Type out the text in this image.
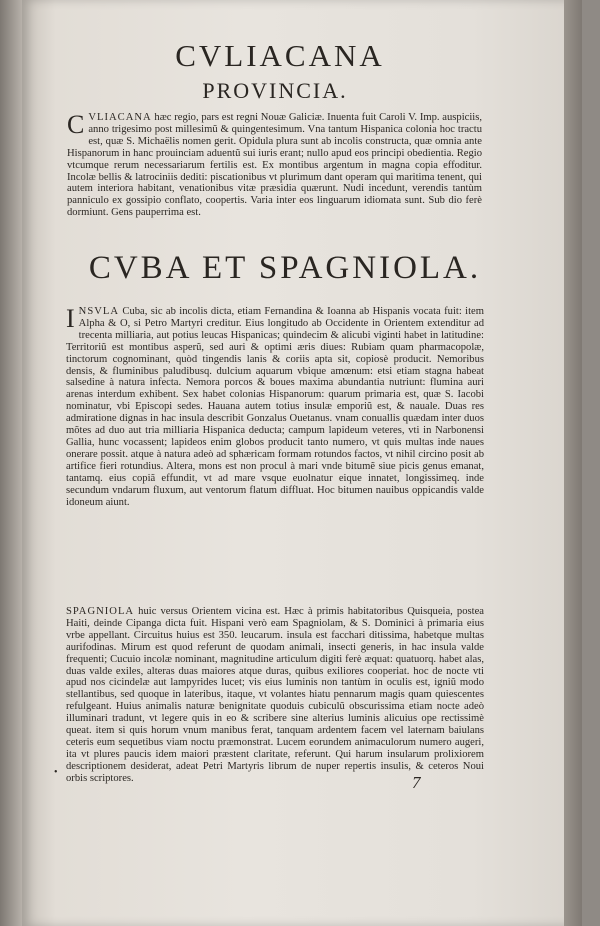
CVLIACANA
PROVINCIA.

CVLIACANA hæc regio, pars est regni Nouæ Galiciæ. Inuenta fuit Caroli V. Imp. auspiciis, anno trigesimo post millesimũ & quingentesimum. Vna tantum Hispanica colonia hoc tractu est, quæ S. Michaëlis nomen gerit. Opidula plura sunt ab incolis constructa, quæ omnia ante Hispanorum in hanc prouinciam aduentũ sui iuris erant; nullo apud eos principi obedientia. Regio vtcumque rerum necessariarum fertilis est. Ex montibus argentum in magna copia effoditur. Incolæ bellis & latrociniis dediti: piscationibus vt plurimum dant operam qui maritima tenent, qui autem interiora habitant, venationibus vitæ præsidia quærunt. Nudi incedunt, verendis tantùm panniculo ex gossipio conflato, coopertis. Varia inter eos linguarum idiomata sunt. Sub dio ferè dormiunt. Gens pauperrima est.

CVBA ET SPAGNIOLA.

INSVLA Cuba, sic ab incolis dicta, etiam Fernandina & Ioanna ab Hispanis vocata fuit: item Alpha & O, si Petro Martyri creditur. Eius longitudo ab Occidente in Orientem extenditur ad trecenta milliaria, aut potius leucas Hispanicas; quindecim & alicubi viginti habet in latitudine: Territoriũ est montibus asperũ, sed auri & optimi æris diues: Rubiam quam pharmacopolæ, tinctorum cognominant, quòd tingendis lanis & coriis apta sit, copiosè producit. Nemoribus densis, & fluminibus paludibusq. dulcium aquarum vbique amœnum: etsi etiam stagna habeat salsedine à natura infecta. Nemora porcos & boues maxima abundantia nutriunt: flumina auri arenas interdum exhibent. Sex habet colonias Hispanorum: quarum primaria est, quæ S. Iacobi nominatur, vbi Episcopi sedes. Hauana autem totius insulæ emporiũ est, & nauale. Duas res admiratione dignas in hac insula describit Gonzalus Ouetanus. vnam conuallis quædam inter duos mõtes ad duo aut tria milliaria Hispanica deducta; campum lapideum veteres, vti in Narbonensi Gallia, hunc vocassent; lapideos enim globos producit tanto numero, vt quis multas inde naues onerare possit. atque à natura adeò ad sphæricam formam rotundos factos, vt nihil circino posit ab artifice fieri rotundius. Altera, mons est non procul à mari vnde bitumẽ siue picis genus emanat, tantamq. eius copiã effundit, vt ad mare vsque euolnatur eique innatet, longissimeq. inde secundum vndarum fluxum, aut ventorum flatum diffluat. Hoc bitumen nauibus oppicandis valde idoneum aiunt.

SPAGNIOLA huic versus Orientem vicina est. Hæc à primis habitatoribus Quisqueia, postea Haiti, deinde Cipanga dicta fuit. Hispani verò eam Spagniolam, & S. Dominici à primaria eius vrbe appellant. Circuitus huius est 350. leucarum. insula est facchari ditissima, habetque multas aurifodinas. Mirum est quod referunt de quodam animali, insecti generis, in hac insula valde frequenti; Cucuio incolæ nominant, magnitudine articulum digiti ferè æquat: quatuorq. habet alas, duas valde exiles, alteras duas maiores atque duras, quibus exiliores cooperiat. hoc de nocte vti apud nos cicindelæ aut lampyrides lucet; vis eius luminis non tantùm in oculis est, igniũ modo stellantibus, sed quoque in lateribus, itaque, vt volantes hiatu pennarum magis quam quiescentes refulgeant. Huius animalis naturæ benignitate quoduis cubiculũ obscurissima etiam nocte adeò illuminari tradunt, vt legere quis in eo & scribere sine alterius luminis alicuius ope rectissimè queat. item si quis horum vnum manibus ferat, tanquam ardentem facem vel laternam baiulans ceteris eum sequetibus viam noctu præmonstrat. Lucem eorundem animaculorum numero augeri, ita vt plures paucis idem maiori præstent claritate, referunt. Qui harum insularum prolixiorem descriptionem desiderat, adeat Petri Martyris librum de nuper repertis insulis, & ceteros Noui orbis scriptores.

•
7
